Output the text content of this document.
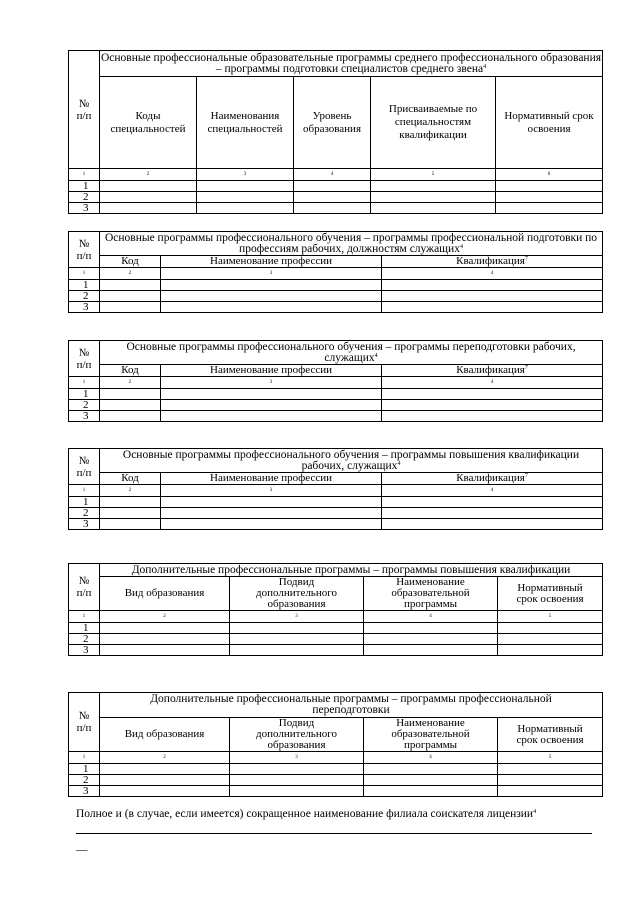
№ п/п	Основные профессиональные образовательные программы среднего профессионального образования – программы подготовки специалистов среднего звена$^4$
	Коды специальностей	Наименования специальностей	Уровень образования	Присваиваемые по специальностям квалификации	Нормативный срок освоения
1	2	3	4	5	6
1					
2					
3					
№ п/п	Основные программы профессионального обучения – программы профессиональной подготовки по профессиям рабочих, должностям служащих$^4$
	Код	Наименование профессии	Квалификация$^7$
1	2	3	4
1			
2			
3			
№ п/п	Основные программы профессионального обучения – программы переподготовки рабочих, служащих$^4$
	Код	Наименование профессии	Квалификация$^7$
1	2	3	4
1			
2			
3			
№ п/п	Основные программы профессионального обучения – программы повышения квалификации рабочих, служащих$^4$
	Код	Наименование профессии	Квалификация$^7$
1	2	3	4
1			
2			
3			
№ п/п	Дополнительные профессиональные программы – программы повышения квалификации			
	Вид образования	Подвид дополнительного образования	Наименование образовательной программы	Нормативный срок освоения
1	2	3	4	5
1				
2				
3				
№ п/п	Дополнительные профессиональные программы – программы профессиональной переподготовки			
	Вид образования	Подвид дополнительного образования	Наименование образовательной программы	Нормативный срок освоения
1	2	3	4	5
1				
2				
3				
Полное и (в случае, если имеется) сокращенное наименование филиала соискателя лицензии$^4$
—
